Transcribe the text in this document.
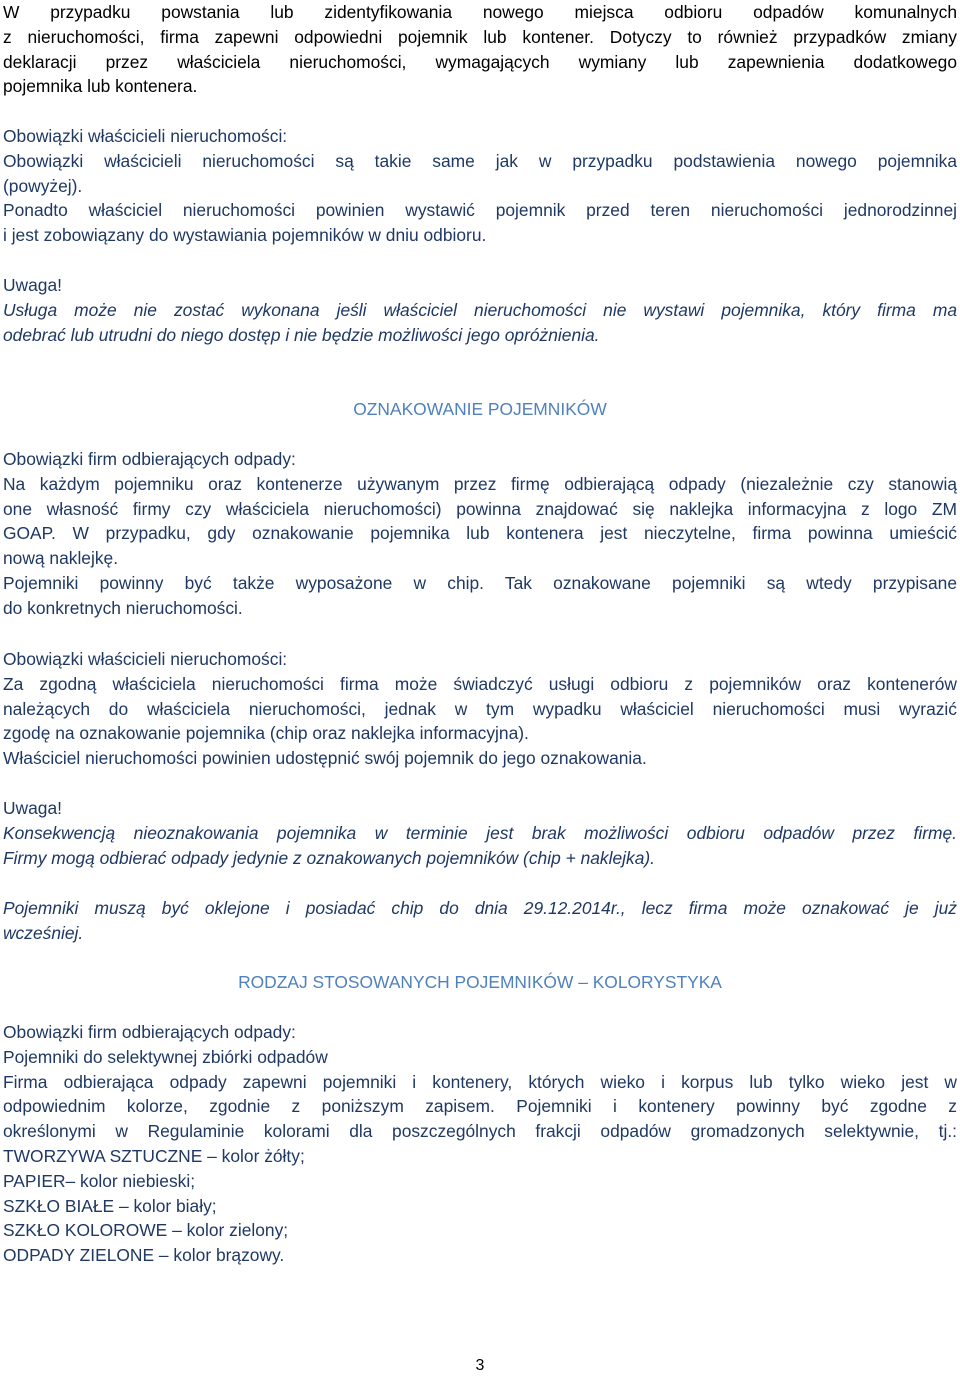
W przypadku powstania lub zidentyfikowania nowego miejsca odbioru odpadów komunalnych
z nieruchomości, firma zapewni odpowiedni pojemnik lub kontener. Dotyczy to również przypadków zmiany
deklaracji przez właściciela nieruchomości, wymagających wymiany lub zapewnienia dodatkowego
pojemnika lub kontenera.
Obowiązki właścicieli nieruchomości:
Obowiązki właścicieli nieruchomości są takie same jak w przypadku podstawienia nowego pojemnika
(powyżej).
Ponadto właściciel nieruchomości powinien wystawić pojemnik przed teren nieruchomości jednorodzinnej
i jest zobowiązany do wystawiania pojemników w dniu odbioru.
Uwaga!
Usługa może nie zostać wykonana jeśli właściciel nieruchomości nie wystawi pojemnika, który firma ma
odebrać lub utrudni do niego dostęp i nie będzie możliwości jego opróżnienia.
OZNAKOWANIE POJEMNIKÓW
Obowiązki firm odbierających odpady:
Na każdym pojemniku oraz kontenerze używanym przez firmę odbierającą odpady (niezależnie czy stanowią
one własność firmy czy właściciela nieruchomości) powinna znajdować się naklejka informacyjna z logo ZM
GOAP. W przypadku, gdy oznakowanie pojemnika lub kontenera jest nieczytelne, firma powinna umieścić
nową naklejkę.
Pojemniki powinny być także wyposażone w chip. Tak oznakowane pojemniki są wtedy przypisane
do konkretnych nieruchomości.
Obowiązki właścicieli nieruchomości:
Za zgodną właściciela nieruchomości firma może świadczyć usługi odbioru z pojemników oraz kontenerów
należących do właściciela nieruchomości, jednak w tym wypadku właściciel nieruchomości musi wyrazić
zgodę na oznakowanie pojemnika (chip oraz naklejka informacyjna).
Właściciel nieruchomości powinien udostępnić swój pojemnik do jego oznakowania.
Uwaga!
Konsekwencją nieoznakowania pojemnika w terminie jest brak możliwości odbioru odpadów przez firmę.
Firmy mogą odbierać odpady jedynie z oznakowanych pojemników (chip + naklejka).
Pojemniki muszą być oklejone i posiadać chip do dnia 29.12.2014r., lecz firma może oznakować je już
wcześniej.
RODZAJ STOSOWANYCH POJEMNIKÓW – KOLORYSTYKA
Obowiązki firm odbierających odpady:
Pojemniki do selektywnej zbiórki odpadów
Firma odbierająca odpady zapewni pojemniki i kontenery, których wieko i korpus lub tylko wieko jest w
odpowiednim kolorze, zgodnie z poniższym zapisem. Pojemniki i kontenery powinny być zgodne z
określonymi w Regulaminie kolorami dla poszczególnych frakcji odpadów gromadzonych selektywnie, tj.:
TWORZYWA SZTUCZNE – kolor żółty;
PAPIER– kolor niebieski;
SZKŁO BIAŁE – kolor biały;
SZKŁO KOLOROWE – kolor zielony;
ODPADY ZIELONE – kolor brązowy.
3
